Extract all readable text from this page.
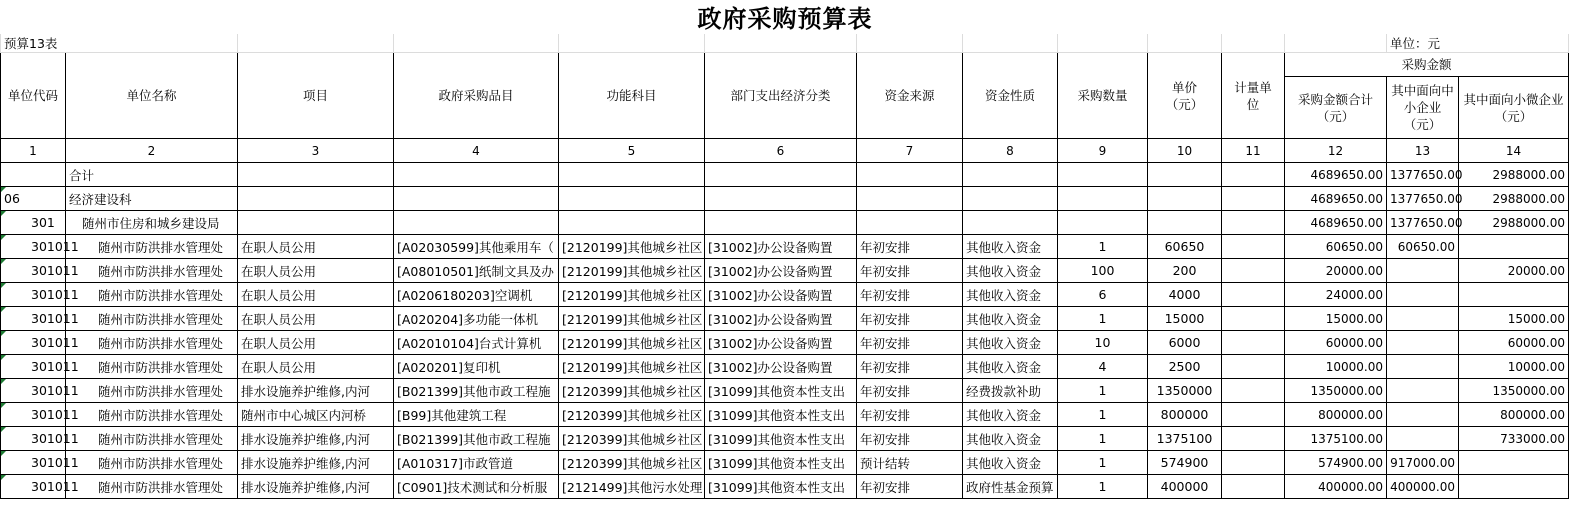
政府采购预算表
预算13表												单位：元	
单位代码	单位名称	项目	政府采购品目	功能科目	部门支出经济分类	资金来源	资金性质	采购数量	单价（元）	计量单位	采购金额		
											采购金额合计（元）	其中面向中小企业（元）	其中面向小微企业（元）
1	2	3	4	5	6	7	8	9	10	11	12	13	14
	合计										4689650.00	1377650.00	2988000.00
06	经济建设科										4689650.00	1377650.00	2988000.00
301	随州市住房和城乡建设局										4689650.00	1377650.00	2988000.00
301011	随州市防洪排水管理处	在职人员公用	[A02030599]其他乘用车（	[2120199]其他城乡社区	[31002]办公设备购置	年初安排	其他收入资金	1	60650		60650.00	60650.00	
301011	随州市防洪排水管理处	在职人员公用	[A08010501]纸制文具及办	[2120199]其他城乡社区	[31002]办公设备购置	年初安排	其他收入资金	100	200		20000.00		20000.00
301011	随州市防洪排水管理处	在职人员公用	[A0206180203]空调机	[2120199]其他城乡社区	[31002]办公设备购置	年初安排	其他收入资金	6	4000		24000.00		
301011	随州市防洪排水管理处	在职人员公用	[A020204]多功能一体机	[2120199]其他城乡社区	[31002]办公设备购置	年初安排	其他收入资金	1	15000		15000.00		15000.00
301011	随州市防洪排水管理处	在职人员公用	[A02010104]台式计算机	[2120199]其他城乡社区	[31002]办公设备购置	年初安排	其他收入资金	10	6000		60000.00		60000.00
301011	随州市防洪排水管理处	在职人员公用	[A020201]复印机	[2120199]其他城乡社区	[31002]办公设备购置	年初安排	其他收入资金	4	2500		10000.00		10000.00
301011	随州市防洪排水管理处	排水设施养护维修,内河	[B021399]其他市政工程施	[2120399]其他城乡社区	[31099]其他资本性支出	年初安排	经费拨款补助	1	1350000		1350000.00		1350000.00
301011	随州市防洪排水管理处	随州市中心城区内河桥	[B99]其他建筑工程	[2120399]其他城乡社区	[31099]其他资本性支出	年初安排	其他收入资金	1	800000		800000.00		800000.00
301011	随州市防洪排水管理处	排水设施养护维修,内河	[B021399]其他市政工程施	[2120399]其他城乡社区	[31099]其他资本性支出	年初安排	其他收入资金	1	1375100		1375100.00		733000.00
301011	随州市防洪排水管理处	排水设施养护维修,内河	[A010317]市政管道	[2120399]其他城乡社区	[31099]其他资本性支出	预计结转	其他收入资金	1	574900		574900.00	917000.00	
301011	随州市防洪排水管理处	排水设施养护维修,内河	[C0901]技术测试和分析服	[2121499]其他污水处理	[31099]其他资本性支出	年初安排	政府性基金预算	1	400000		400000.00	400000.00	
